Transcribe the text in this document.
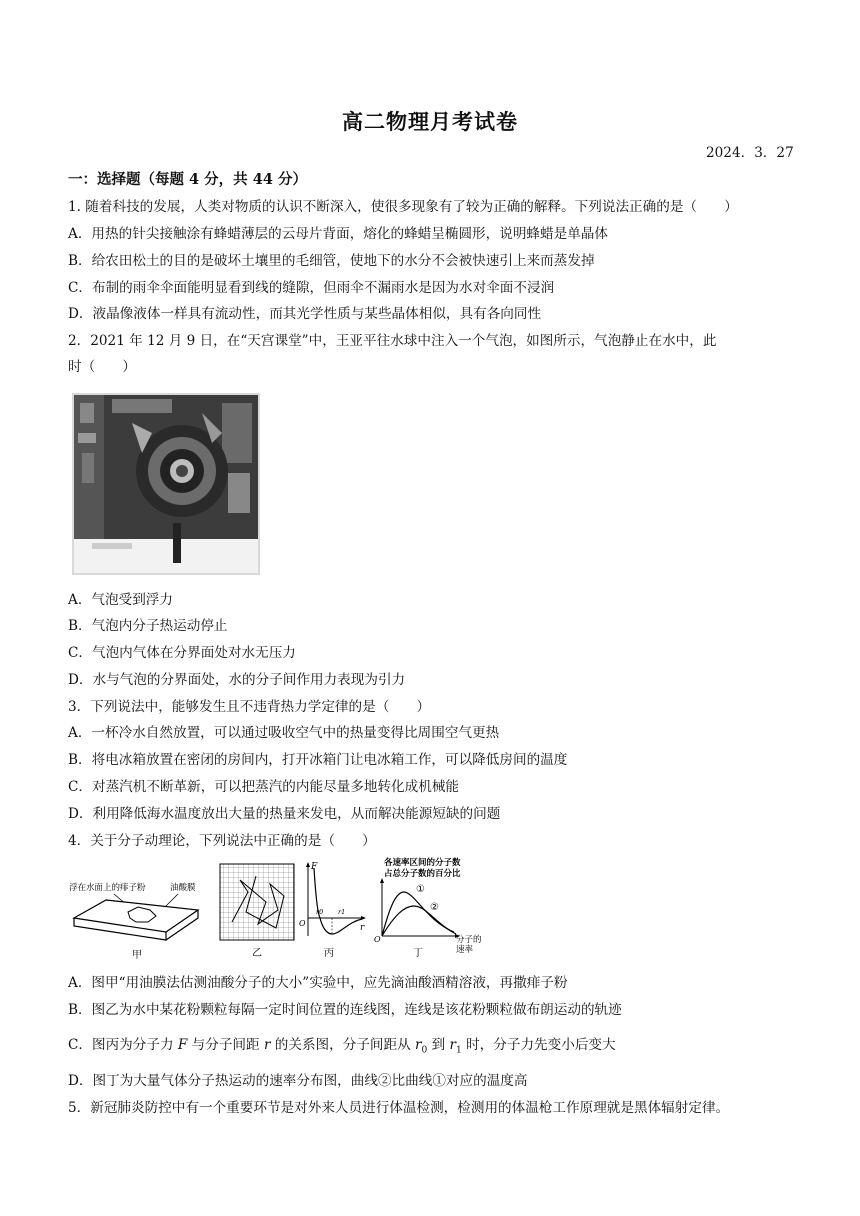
高二物理月考试卷
2024．3．27
一：选择题（每题 4 分，共 44 分）
1. 随着科技的发展，人类对物质的认识不断深入，使很多现象有了较为正确的解释。下列说法正确的是（　　）
A．用热的针尖接触涂有蜂蜡薄层的云母片背面，熔化的蜂蜡呈椭圆形，说明蜂蜡是单晶体
B．给农田松土的目的是破坏土壤里的毛细管，使地下的水分不会被快速引上来而蒸发掉
C．布制的雨伞伞面能明显看到线的缝隙，但雨伞不漏雨水是因为水对伞面不浸润
D．液晶像液体一样具有流动性，而其光学性质与某些晶体相似，具有各向同性
2．2021 年 12 月 9 日，在“天宫课堂”中，王亚平往水球中注入一个气泡，如图所示，气泡静止在水中，此
时（　　）
A．气泡受到浮力
B．气泡内分子热运动停止
C．气泡内气体在分界面处对水无压力
D．水与气泡的分界面处，水的分子间作用力表现为引力
3．下列说法中，能够发生且不违背热力学定律的是（　　）
A．一杯冷水自然放置，可以通过吸收空气中的热量变得比周围空气更热
B．将电冰箱放置在密闭的房间内，打开冰箱门让电冰箱工作，可以降低房间的温度
C．对蒸汽机不断革新，可以把蒸汽的内能尽量多地转化成机械能
D．利用降低海水温度放出大量的热量来发电，从而解决能源短缺的问题
4．关于分子动理论，下列说法中正确的是（　　）
浮在水面上的痱子粉	油酸膜
甲	乙
F
r
O
r0 r1
丙
各速率区间的分子数
占总分子数的百分比
O
①
②
分子的
速率
丁
A．图甲“用油膜法估测油酸分子的大小”实验中，应先滴油酸酒精溶液，再撒痱子粉
B．图乙为水中某花粉颗粒每隔一定时间位置的连线图，连线是该花粉颗粒做布朗运动的轨迹
C．图丙为分子力 F 与分子间距 r 的关系图，分子间距从 $r_0$ 到 $r_1$ 时，分子力先变小后变大
D．图丁为大量气体分子热运动的速率分布图，曲线②比曲线①对应的温度高
5．新冠肺炎防控中有一个重要环节是对外来人员进行体温检测，检测用的体温枪工作原理就是黑体辐射定律。
